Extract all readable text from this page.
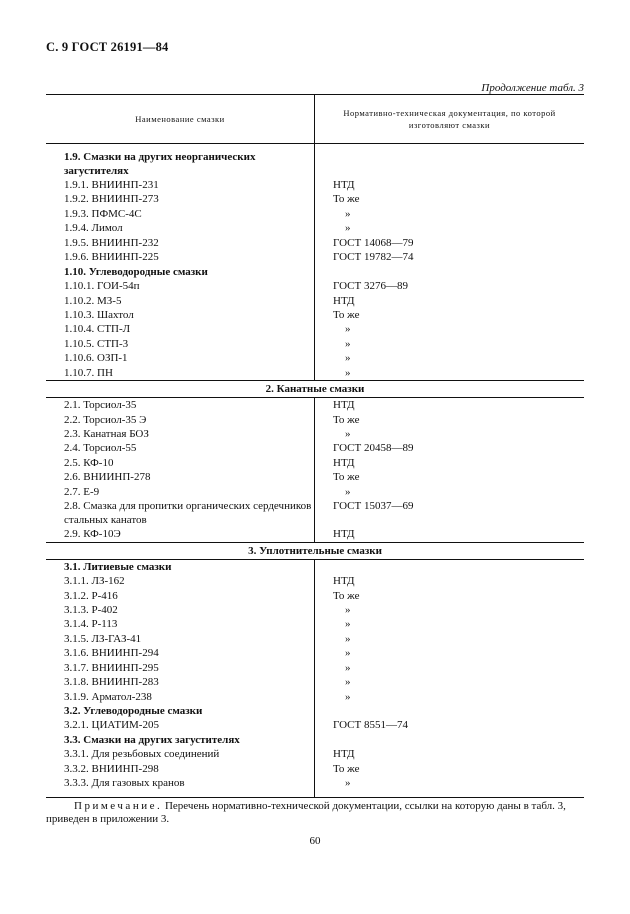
С. 9 ГОСТ 26191—84
Продолжение табл. 3
Наименование смазки	Нормативно-техническая документация, по которой изготовляют смазки
1.9. Смазки на других неорганических загустителях	
1.9.1. ВНИИНП-231	НТД
1.9.2. ВНИИНП-273	То же
1.9.3. ПФМС-4С	»
1.9.4. Лимол	»
1.9.5. ВНИИНП-232	ГОСТ 14068—79
1.9.6. ВНИИНП-225	ГОСТ 19782—74
1.10. Углеводородные смазки	
1.10.1. ГОИ-54п	ГОСТ 3276—89
1.10.2. МЗ-5	НТД
1.10.3. Шахтол	То же
1.10.4. СТП-Л	»
1.10.5. СТП-3	»
1.10.6. ОЗП-1	»
1.10.7. ПН	»
2. Канатные смазки	
2.1. Торсиол-35	НТД
2.2. Торсиол-35 Э	То же
2.3. Канатная БОЗ	»
2.4. Торсиол-55	ГОСТ 20458—89
2.5. КФ-10	НТД
2.6. ВНИИНП-278	То же
2.7. Е-9	»
2.8. Смазка для пропитки органических сердечников стальных канатов	ГОСТ 15037—69
2.9. КФ-10Э	НТД
3. Уплотнительные смазки	
3.1. Литиевые смазки	
3.1.1. ЛЗ-162	НТД
3.1.2. Р-416	То же
3.1.3. Р-402	»
3.1.4. Р-113	»
3.1.5. ЛЗ-ГАЗ-41	»
3.1.6. ВНИИНП-294	»
3.1.7. ВНИИНП-295	»
3.1.8. ВНИИНП-283	»
3.1.9. Арматол-238	»
3.2. Углеводородные смазки	
3.2.1. ЦИАТИМ-205	ГОСТ 8551—74
3.3. Смазки на других загустителях	
3.3.1. Для резьбовых соединений	НТД
3.3.2. ВНИИНП-298	То же
3.3.3. Для газовых кранов	»
Примечание. Перечень нормативно-технической документации, ссылки на которую даны в табл. 3, приведен в приложении 3.
60
